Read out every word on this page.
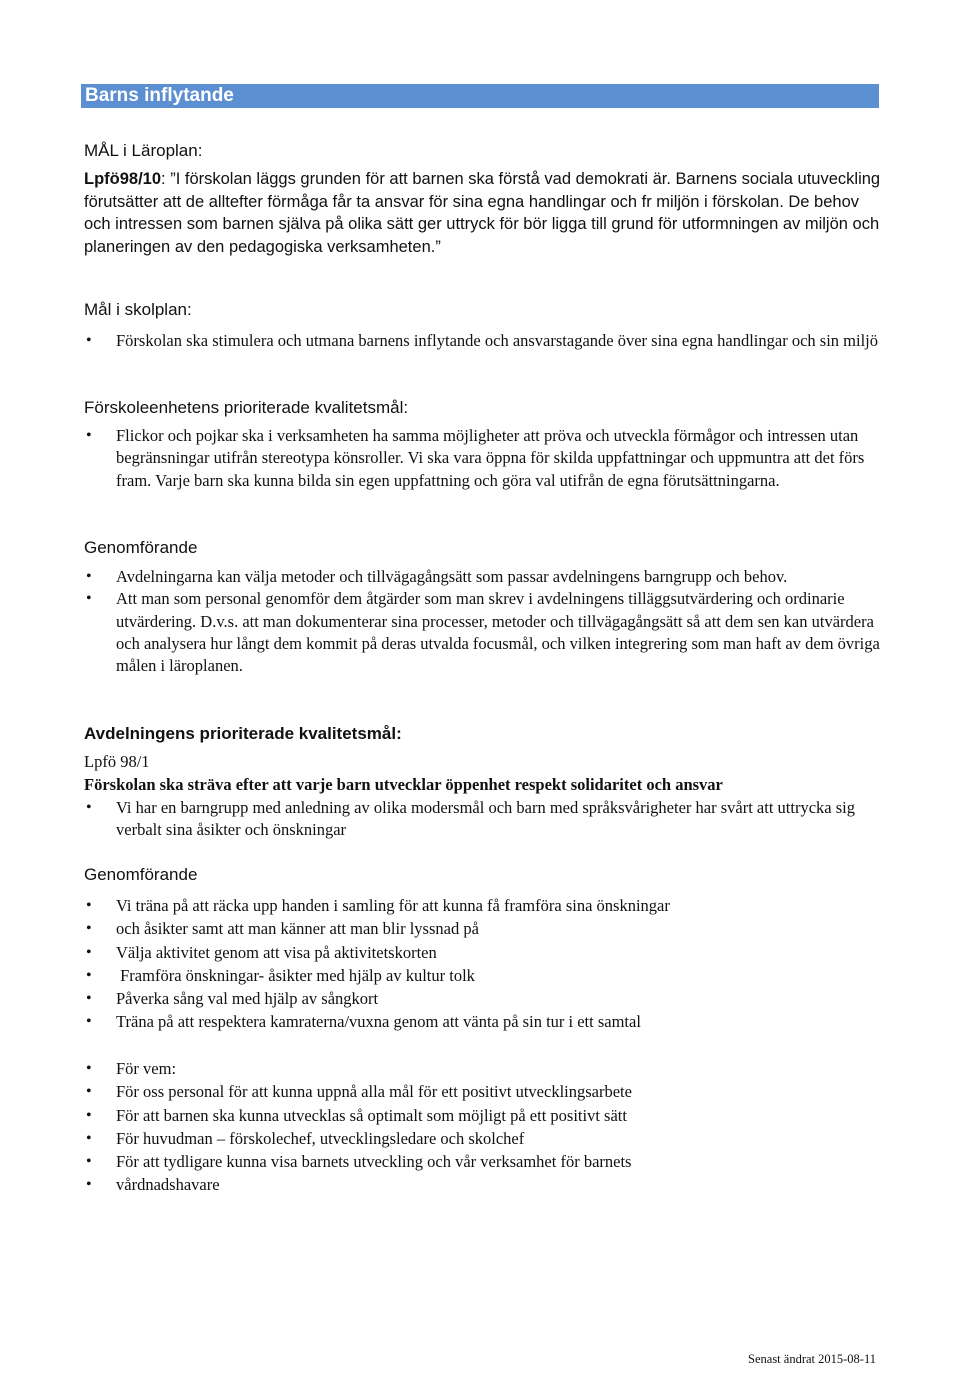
Barns inflytande
MÅL i Läroplan:
Lpfö98/10: ”I förskolan läggs grunden för att barnen ska förstå vad demokrati är. Barnens sociala utuveckling förutsätter att de alltefter förmåga får ta ansvar för sina egna handlingar och fr miljön i förskolan. De behov och intressen som barnen själva på olika sätt ger uttryck för bör ligga till grund för utformningen av miljön och planeringen av den pedagogiska verksamheten.”
Mål i skolplan:
• Förskolan ska stimulera och utmana barnens inflytande och ansvarstagande över sina egna handlingar och sin miljö
Förskoleenhetens prioriterade kvalitetsmål:
• Flickor och pojkar ska i verksamheten ha samma möjligheter att pröva och utveckla förmågor och intressen utan begränsningar utifrån stereotypa könsroller. Vi ska vara öppna för skilda uppfattningar och uppmuntra att det förs fram. Varje barn ska kunna bilda sin egen uppfattning och göra val utifrån de egna förutsättningarna.
Genomförande
• Avdelningarna kan välja metoder och tillvägagångsätt som passar avdelningens barngrupp och behov.
• Att man som personal genomför dem åtgärder som man skrev i avdelningens tilläggsutvärdering och ordinarie utvärdering. D.v.s. att man dokumenterar sina processer, metoder och tillvägagångsätt så att dem sen kan utvärdera och analysera hur långt dem kommit på deras utvalda focusmål, och vilken integrering som man haft av dem övriga målen i läroplanen.
Avdelningens prioriterade kvalitetsmål:
Lpfö 98/1
Förskolan ska sträva efter att varje barn utvecklar öppenhet respekt solidaritet och ansvar
• Vi har en barngrupp med anledning av olika modersmål och barn med språksvårigheter har svårt att uttrycka sig verbalt sina åsikter och önskningar
Genomförande
• Vi träna på att räcka upp handen i samling för att kunna få framföra sina önskningar
• och åsikter samt att man känner att man blir lyssnad på
• Välja aktivitet genom att visa på aktivitetskorten
• Framföra önskningar- åsikter med hjälp av kultur tolk
• Påverka sång val med hjälp av sångkort
• Träna på att respektera kamraterna/vuxna genom att vänta på sin tur i ett samtal
• För vem:
• För oss personal för att kunna uppnå alla mål för ett positivt utvecklingsarbete
• För att barnen ska kunna utvecklas så optimalt som möjligt på ett positivt sätt
• För huvudman – förskolechef, utvecklingsledare och skolchef
• För att tydligare kunna visa barnets utveckling och vår verksamhet för barnets
• vårdnadshavare
Senast ändrat 2015-08-11
